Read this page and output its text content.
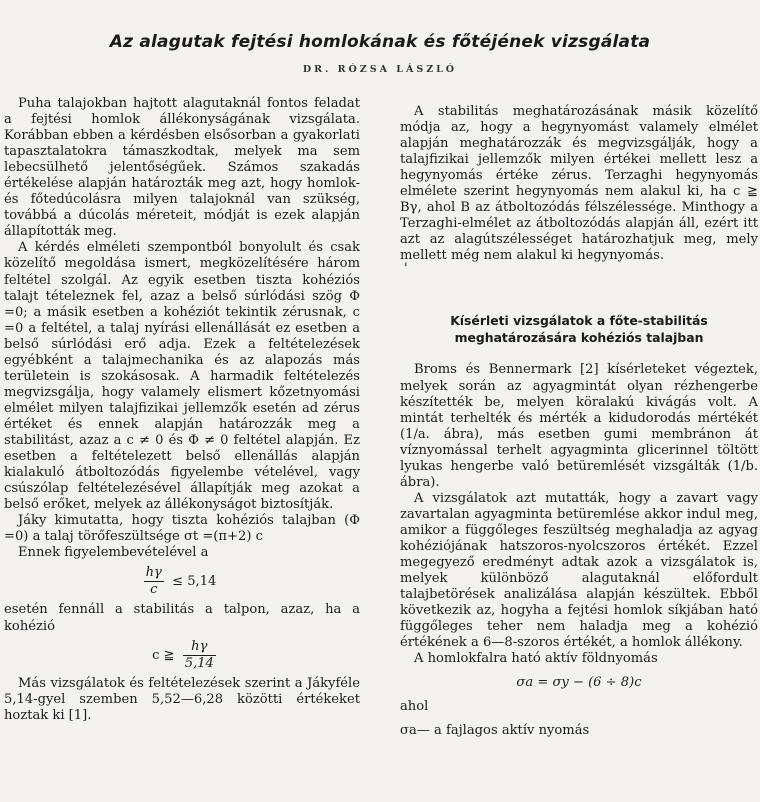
Az alagutak fejtési homlokának és főtéjének vizsgálata
DR. RÓZSA LÁSZLÓ

Puha talajokban hajtott alagutaknál fontos feladat a fejtési homlok állékonyságának vizsgálata. Korábban ebben a kérdésben elsősorban a gyakorlati tapasztalatokra támaszkodtak, melyek ma sem lebecsülhető jelentőségűek. Számos szakadás értékelése alapján határozták meg azt, hogy homlok- és főtedúcolásra milyen talajoknál van szükség, továbbá a dúcolás méreteit, módját is ezek alapján állapították meg.

A kérdés elméleti szempontból bonyolult és csak közelítő megoldása ismert, megközelítésére három feltétel szolgál. Az egyik esetben tiszta kohéziós talajt tételeznek fel, azaz a belső súrlódási szög Φ =0; a másik esetben a kohéziót tekintik zérusnak, c =0 a feltétel, a talaj nyírási ellenállását ez esetben a belső súrlódási erő adja. Ezek a feltételezések egyébként a talajmechanika és az alapozás más területein is szokásosak. A harmadik feltételezés megvizsgálja, hogy valamely elismert kőzetnyomási elmélet milyen talajfizikai jellemzők esetén ad zérus értéket és ennek alapján határozzák meg a stabilitást, azaz a c ≠ 0 és Φ ≠ 0 feltétel alapján. Ez esetben a feltételezett belső ellenállás alapján kialakuló átboltozódás figyelembe vételével, vagy csúszólap feltételezésével állapítják meg azokat a belső erőket, melyek az állékonyságot biztosítják.

Jáky kimutatta, hogy tiszta kohéziós talajban (Φ =0) a talaj törőfeszültsége σt =(π+2) c

Ennek figyelembevételével a

$\frac{h\gamma}{c} \le 5,14$

esetén fennáll a stabilitás a talpon, azaz, ha a kohézió

c ≧ $\frac{h\gamma}{5,14}$

Más vizsgálatok és feltételezések szerint a Jákyféle 5,14-gyel szemben 5,52—6,28 közötti értékeket hoztak ki [1].

A stabilitás meghatározásának másik közelítő módja az, hogy a hegynyomást valamely elmélet alapján meghatározzák és megvizsgálják, hogy a talajfizikai jellemzők milyen értékei mellett lesz a hegynyomás értéke zérus. Terzaghi hegynyomás elmélete szerint hegynyomás nem alakul ki, ha c ≧ Bγ, ahol B az átboltozódás félszélessége. Minthogy a Terzaghi-elmélet az átboltozódás alapján áll, ezért itt azt az alagútszélességet határozhatjuk meg, mely mellett még nem alakul ki hegynyomás.

'

Kísérleti vizsgálatok a főte-stabilitás meghatározására kohéziós talajban

Broms és Bennermark [2] kísérleteket végeztek, melyek során az agyagmintát olyan rézhengerbe készítették be, melyen köralakú kivágás volt. A mintát terhelték és mérték a kidudorodás mértékét (1/a. ábra), más esetben gumi membránon át víznyomással terhelt agyagminta glicerinnel töltött lyukas hengerbe való betüremlését vizsgálták (1/b. ábra).

A vizsgálatok azt mutatták, hogy a zavart vagy zavartalan agyagminta betüremlése akkor indul meg, amikor a függőleges feszültség meghaladja az agyag kohéziójának hatszoros-nyolcszoros értékét. Ezzel megegyező eredményt adtak azok a vizsgálatok is, melyek különböző alagutaknál előfordult talajbetörések analizálása alapján készültek. Ebből következik az, hogyha a fejtési homlok síkjában ható függőleges teher nem haladja meg a kohézió értékének a 6—8-szoros értékét, a homlok állékony.

A homlokfalra ható aktív földnyomás

σa = σy − (6 ÷ 8)c

ahol

σa— a fajlagos aktív nyomás
